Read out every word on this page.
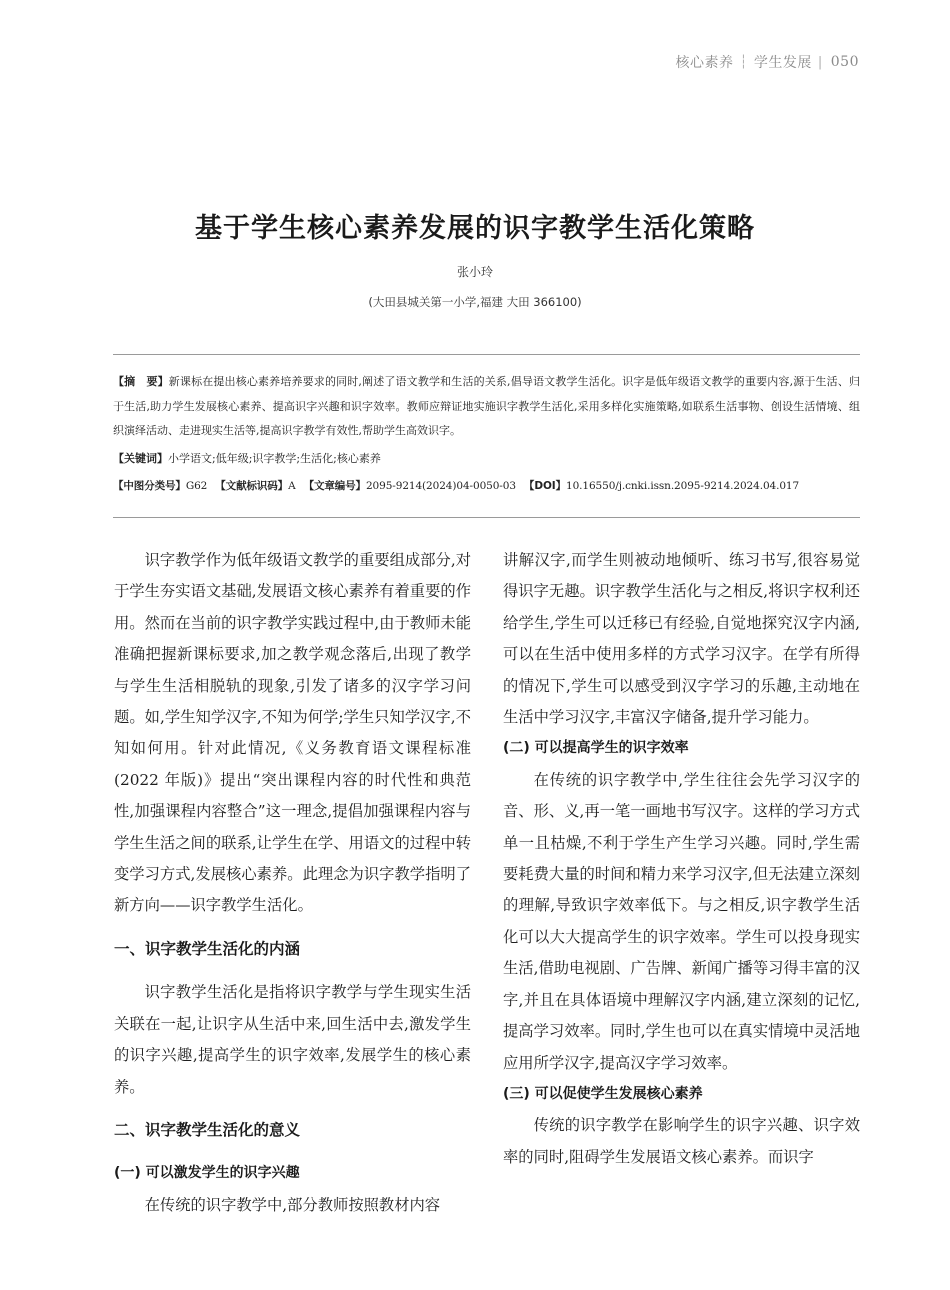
核心素养 ┆ 学生发展 | 050
基于学生核心素养发展的识字教学生活化策略
张小玲
(大田县城关第一小学,福建 大田 366100)

【摘　要】新课标在提出核心素养培养要求的同时,阐述了语文教学和生活的关系,倡导语文教学生活化。识字是低年级语文教学的重要内容,源于生活、归于生活,助力学生发展核心素养、提高识字兴趣和识字效率。教师应辩证地实施识字教学生活化,采用多样化实施策略,如联系生活事物、创设生活情境、组织演绎活动、走进现实生活等,提高识字教学有效性,帮助学生高效识字。

【关键词】小学语文;低年级;识字教学;生活化;核心素养

【中图分类号】G62 【文献标识码】A 【文章编号】2095-9214(2024)04-0050-03 【DOI】10.16550/j.cnki.issn.2095-9214.2024.04.017

识字教学作为低年级语文教学的重要组成部分,对于学生夯实语文基础,发展语文核心素养有着重要的作用。然而在当前的识字教学实践过程中,由于教师未能准确把握新课标要求,加之教学观念落后,出现了教学与学生生活相脱轨的现象,引发了诸多的汉字学习问题。如,学生知学汉字,不知为何学;学生只知学汉字,不知如何用。针对此情况,《义务教育语文课程标准(2022 年版)》提出“突出课程内容的时代性和典范性,加强课程内容整合”这一理念,提倡加强课程内容与学生生活之间的联系,让学生在学、用语文的过程中转变学习方式,发展核心素养。此理念为识字教学指明了新方向——识字教学生活化。

一、识字教学生活化的内涵

识字教学生活化是指将识字教学与学生现实生活关联在一起,让识字从生活中来,回生活中去,激发学生的识字兴趣,提高学生的识字效率,发展学生的核心素养。

二、识字教学生活化的意义
(一) 可以激发学生的识字兴趣

在传统的识字教学中,部分教师按照教材内容

讲解汉字,而学生则被动地倾听、练习书写,很容易觉得识字无趣。识字教学生活化与之相反,将识字权利还给学生,学生可以迁移已有经验,自觉地探究汉字内涵,可以在生活中使用多样的方式学习汉字。在学有所得的情况下,学生可以感受到汉字学习的乐趣,主动地在生活中学习汉字,丰富汉字储备,提升学习能力。

(二) 可以提高学生的识字效率

在传统的识字教学中,学生往往会先学习汉字的音、形、义,再一笔一画地书写汉字。这样的学习方式单一且枯燥,不利于学生产生学习兴趣。同时,学生需要耗费大量的时间和精力来学习汉字,但无法建立深刻的理解,导致识字效率低下。与之相反,识字教学生活化可以大大提高学生的识字效率。学生可以投身现实生活,借助电视剧、广告牌、新闻广播等习得丰富的汉字,并且在具体语境中理解汉字内涵,建立深刻的记忆,提高学习效率。同时,学生也可以在真实情境中灵活地应用所学汉字,提高汉字学习效率。

(三) 可以促使学生发展核心素养

传统的识字教学在影响学生的识字兴趣、识字效率的同时,阻碍学生发展语文核心素养。而识字
